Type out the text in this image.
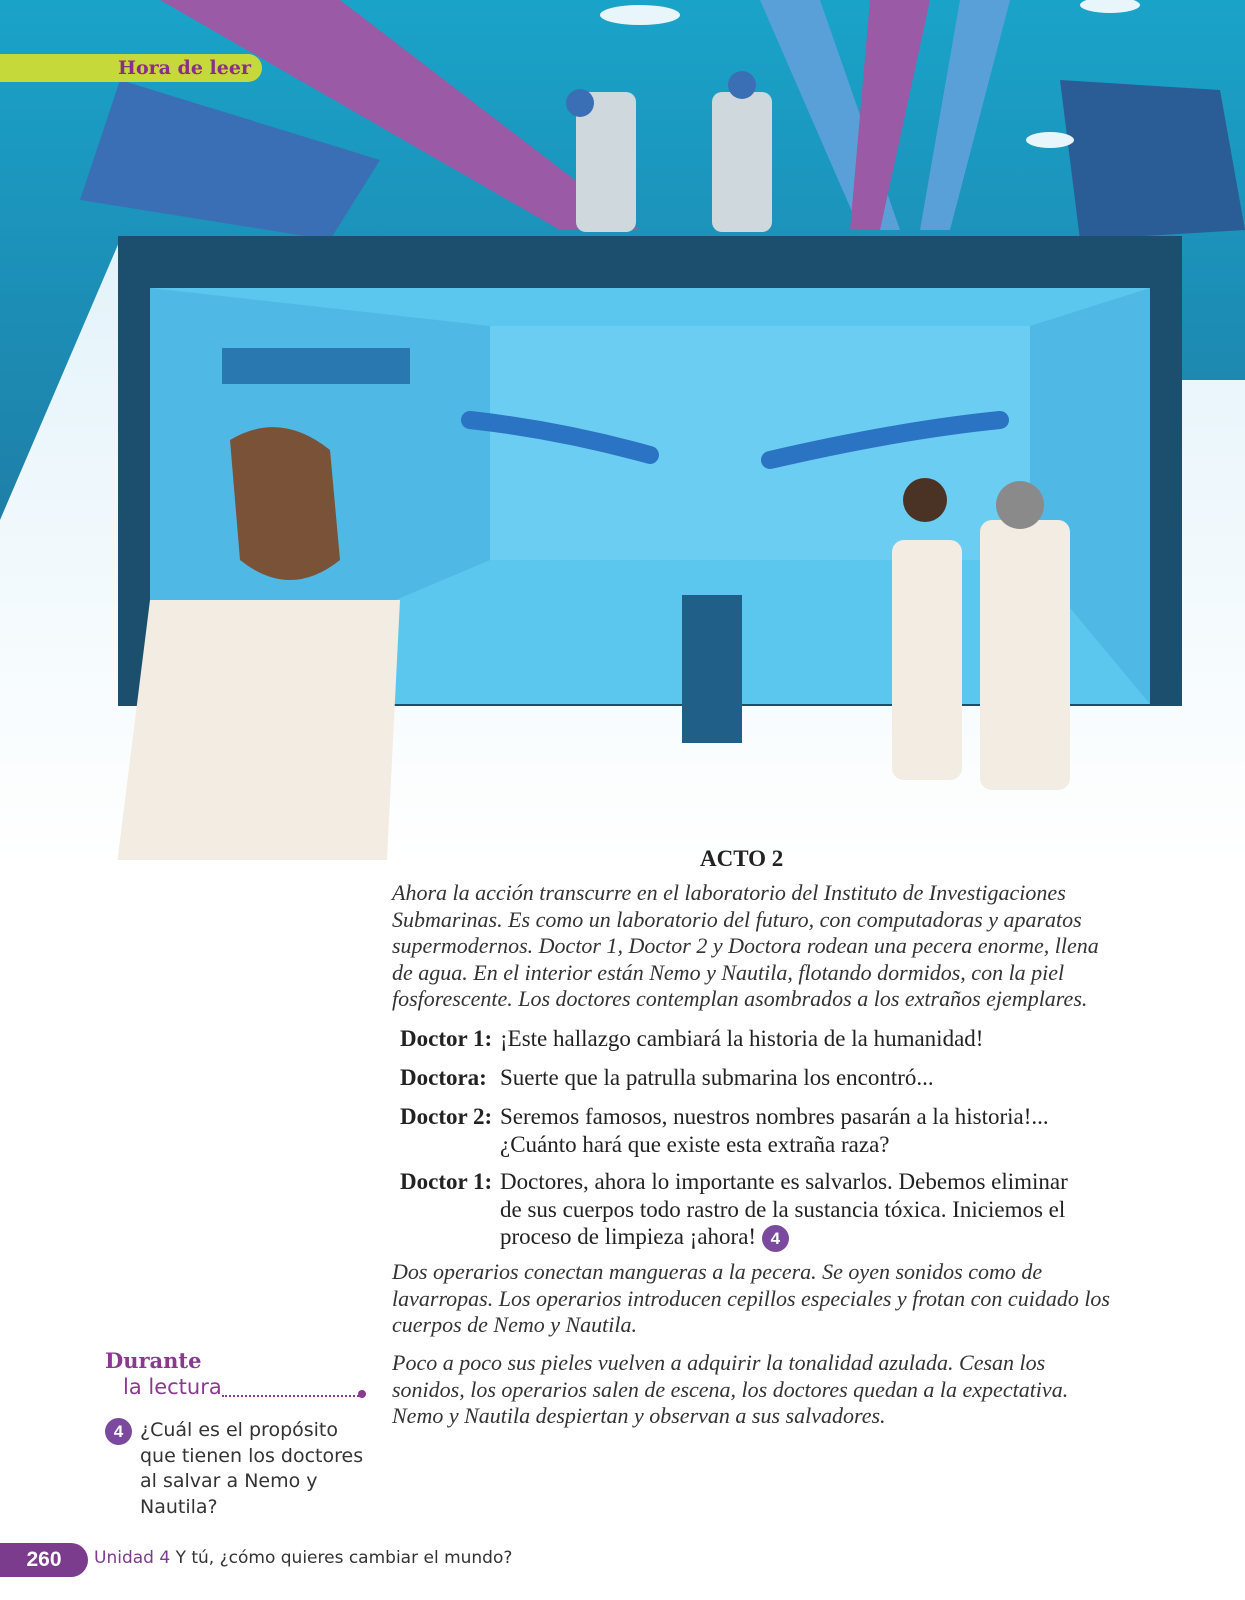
Hora de leer
ACTO 2
Ahora la acción transcurre en el laboratorio del Instituto de Investigaciones Submarinas. Es como un laboratorio del futuro, con computadoras y aparatos supermodernos. Doctor 1, Doctor 2 y Doctora rodean una pecera enorme, llena de agua. En el interior están Nemo y Nautila, flotando dormidos, con la piel fosforescente. Los doctores contemplan asombrados a los extraños ejemplares.
Doctor 1: ¡Este hallazgo cambiará la historia de la humanidad!
Doctora: Suerte que la patrulla submarina los encontró...
Doctor 2: Seremos famosos, nuestros nombres pasarán a la historia!...
¿Cuánto hará que existe esta extraña raza?
Doctor 1: Doctores, ahora lo importante es salvarlos. Debemos eliminar
de sus cuerpos todo rastro de la sustancia tóxica. Iniciemos el
proceso de limpieza ¡ahora! 4
Dos operarios conectan mangueras a la pecera. Se oyen sonidos como de lavarropas. Los operarios introducen cepillos especiales y frotan con cuidado los cuerpos de Nemo y Nautila.
Poco a poco sus pieles vuelven a adquirir la tonalidad azulada. Cesan los sonidos, los operarios salen de escena, los doctores quedan a la expectativa. Nemo y Nautila despiertan y observan a sus salvadores.
Durante
la lectura
4 ¿Cuál es el propósito que tienen los doctores al salvar a Nemo y Nautila?
260	Unidad 4 Y tú, ¿cómo quieres cambiar el mundo?
